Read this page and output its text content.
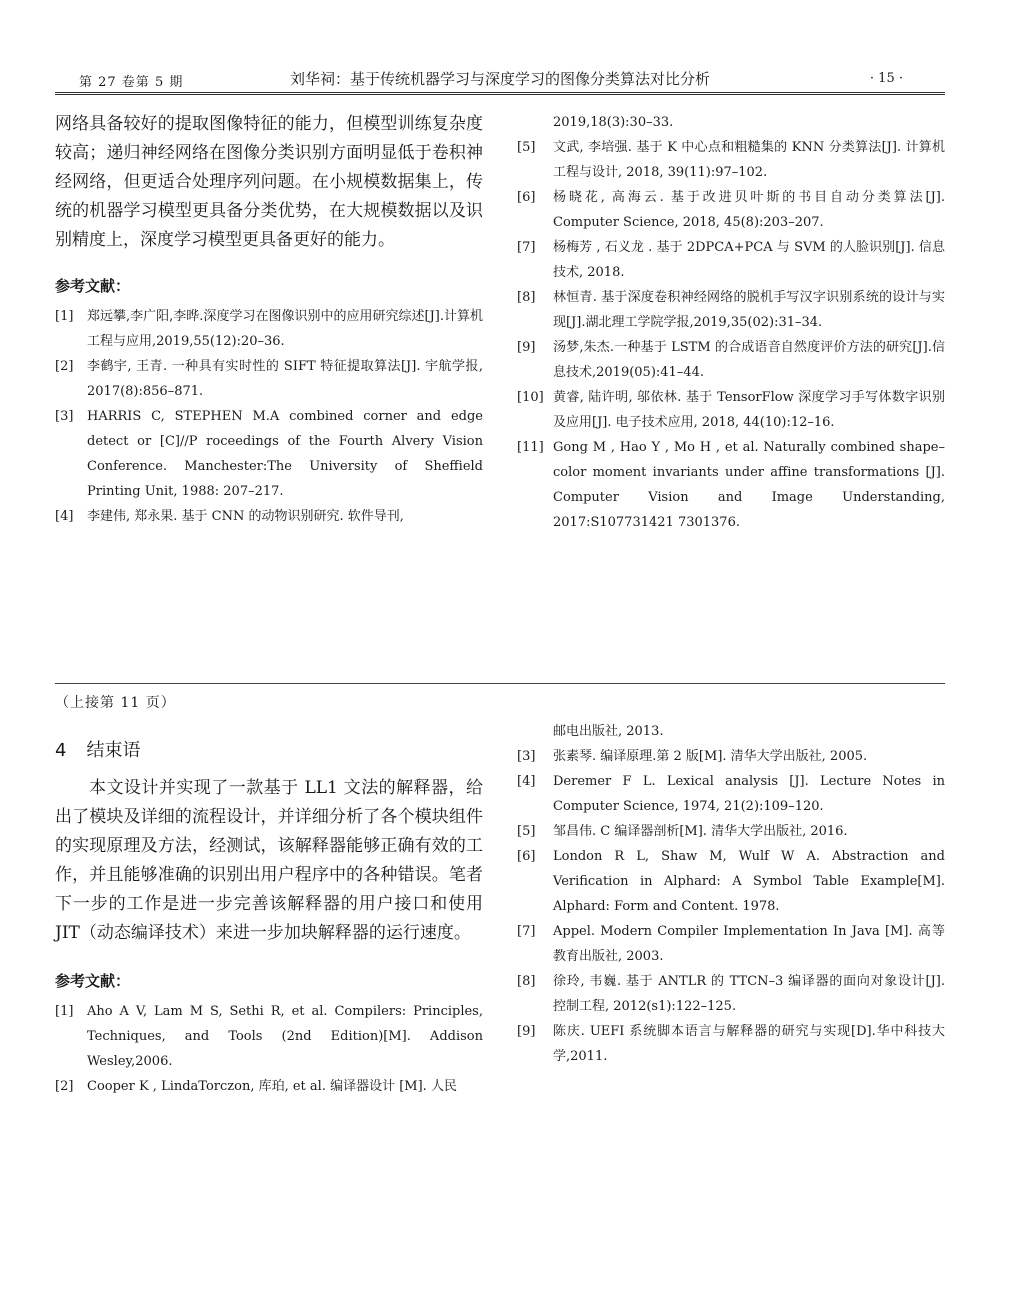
第 27 卷第 5 期	刘华祠：基于传统机器学习与深度学习的图像分类算法对比分析	· 15 ·

网络具备较好的提取图像特征的能力，但模型训练复杂度较高；递归神经网络在图像分类识别方面明显低于卷积神经网络，但更适合处理序列问题。在小规模数据集上，传统的机器学习模型更具备分类优势，在大规模数据以及识别精度上，深度学习模型更具备更好的能力。

参考文献：
[1]	郑远攀,李广阳,李晔.深度学习在图像识别中的应用研究综述[J].计算机工程与应用,2019,55(12):20–36.
[2]	李鹤宇, 王青. 一种具有实时性的 SIFT 特征提取算法[J]. 宇航学报, 2017(8):856–871.
[3]	HARRIS C, STEPHEN M.A combined corner and edge detect or [C]//P roceedings of the Fourth Alvery Vision Conference. Manchester:The University of Sheffield Printing Unit, 1988: 207–217.
[4]	李建伟, 郑永果. 基于 CNN 的动物识别研究. 软件导刊,
2019,18(3):30–33.
[5]	文武, 李培强. 基于 K 中心点和粗糙集的 KNN 分类算法[J]. 计算机工程与设计, 2018, 39(11):97–102.
[6]	杨晓花, 高海云. 基于改进贝叶斯的书目自动分类算法[J]. Computer Science, 2018, 45(8):203–207.
[7]	杨梅芳 , 石义龙 . 基于 2DPCA+PCA 与 SVM 的人脸识别[J]. 信息技术, 2018.
[8]	林恒青. 基于深度卷积神经网络的脱机手写汉字识别系统的设计与实现[J].湖北理工学院学报,2019,35(02):31–34.
[9]	汤梦,朱杰.一种基于 LSTM 的合成语音自然度评价方法的研究[J].信息技术,2019(05):41–44.
[10] 黄睿, 陆许明, 邬依林. 基于 TensorFlow 深度学习手写体数字识别及应用[J]. 电子技术应用, 2018, 44(10):12–16.
[11] Gong M , Hao Y , Mo H , et al. Naturally combined shape–color moment invariants under affine transformations [J]. Computer Vision and Image Understanding, 2017:S107731421 7301376.
（上接第 11 页）
4 结束语

本文设计并实现了一款基于 LL1 文法的解释器，给出了模块及详细的流程设计，并详细分析了各个模块组件的实现原理及方法，经测试，该解释器能够正确有效的工作，并且能够准确的识别出用户程序中的各种错误。笔者下一步的工作是进一步完善该解释器的用户接口和使用 JIT（动态编译技术）来进一步加块解释器的运行速度。

参考文献：
[1]	Aho A V, Lam M S, Sethi R, et al. Compilers: Principles, Techniques, and Tools (2nd Edition)[M]. Addison Wesley,2006.
[2]	Cooper K , LindaTorczon, 库珀, et al. 编译器设计 [M]. 人民
邮电出版社, 2013.
[3]	张素琴. 编译原理.第 2 版[M]. 清华大学出版社, 2005.
[4]	Deremer F L. Lexical analysis [J]. Lecture Notes in Computer Science, 1974, 21(2):109–120.
[5]	邹昌伟. C 编译器剖析[M]. 清华大学出版社, 2016.
[6]	London R L, Shaw M, Wulf W A. Abstraction and Verification in Alphard: A Symbol Table Example[M]. Alphard: Form and Content. 1978.
[7]	Appel. Modern Compiler Implementation In Java [M]. 高等教育出版社, 2003.
[8]	徐玲, 韦巍. 基于 ANTLR 的 TTCN–3 编译器的面向对象设计[J]. 控制工程, 2012(s1):122–125.
[9]	陈庆. UEFI 系统脚本语言与解释器的研究与实现[D].华中科技大学,2011.
